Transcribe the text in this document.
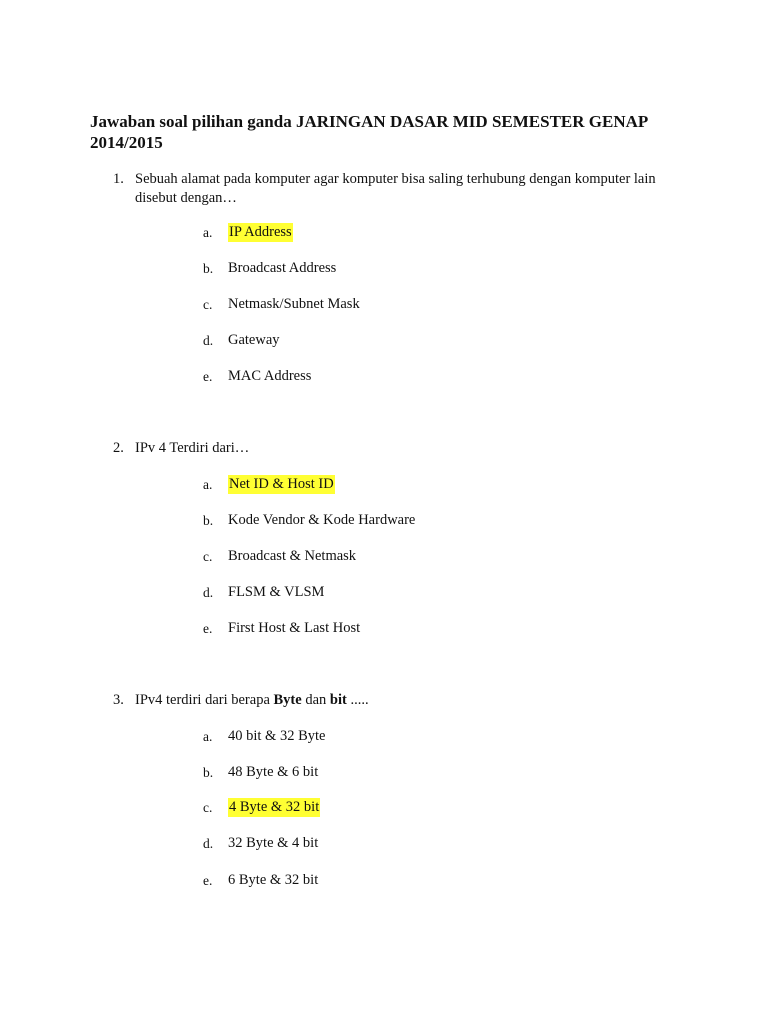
Jawaban soal pilihan ganda JARINGAN DASAR MID SEMESTER GENAP 2014/2015
1. Sebuah alamat pada komputer agar komputer bisa saling terhubung dengan komputer lain disebut dengan…
a. IP Address
b. Broadcast Address
c. Netmask/Subnet Mask
d. Gateway
e. MAC Address
2. IPv 4 Terdiri dari…
a. Net ID & Host ID
b. Kode Vendor & Kode Hardware
c. Broadcast & Netmask
d. FLSM & VLSM
e. First Host & Last Host
3. IPv4 terdiri dari berapa Byte dan bit .....
a. 40 bit & 32 Byte
b. 48 Byte & 6 bit
c. 4 Byte & 32 bit
d. 32 Byte & 4 bit
e. 6 Byte & 32 bit
